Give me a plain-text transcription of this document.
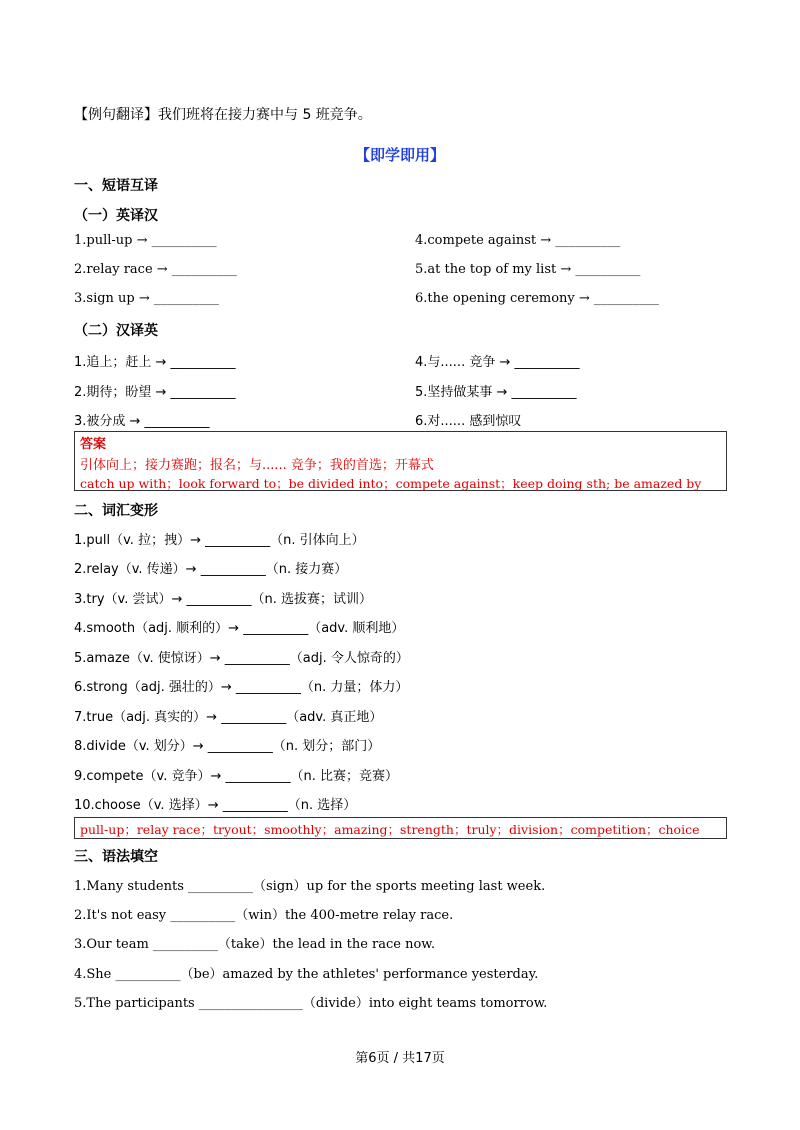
【例句翻译】我们班将在接力赛中与 5 班竞争。
【即学即用】
一、短语互译
（一）英译汉
1.pull-up → __________
2.relay race → __________
3.sign up → __________
4.compete against → __________
5.at the top of my list → __________
6.the opening ceremony → __________
（二）汉译英
1.追上；赶上 → __________
2.期待；盼望 → __________
3.被分成 → __________
4.与...... 竞争 → __________
5.坚持做某事 → __________
6.对...... 感到惊叹
答案
引体向上；接力赛跑；报名；与...... 竞争；我的首选；开幕式
catch up with；look forward to；be divided into；compete against；keep doing sth; be amazed by
二、词汇变形
1.pull（v. 拉；拽）→ __________（n. 引体向上）
2.relay（v. 传递）→ __________（n. 接力赛）
3.try（v. 尝试）→ __________（n. 选拔赛；试训）
4.smooth（adj. 顺利的）→ __________（adv. 顺利地）
5.amaze（v. 使惊讶）→ __________（adj. 令人惊奇的）
6.strong（adj. 强壮的）→ __________（n. 力量；体力）
7.true（adj. 真实的）→ __________（adv. 真正地）
8.divide（v. 划分）→ __________（n. 划分；部门）
9.compete（v. 竞争）→ __________（n. 比赛；竞赛）
10.choose（v. 选择）→ __________（n. 选择）
pull-up；relay race；tryout；smoothly；amazing；strength；truly；division；competition；choice
三、语法填空
1.Many students __________（sign）up for the sports meeting last week.
2.It's not easy __________（win）the 400-metre relay race.
3.Our team __________（take）the lead in the race now.
4.She __________（be）amazed by the athletes' performance yesterday.
5.The participants ________________（divide）into eight teams tomorrow.
第6页 / 共17页
